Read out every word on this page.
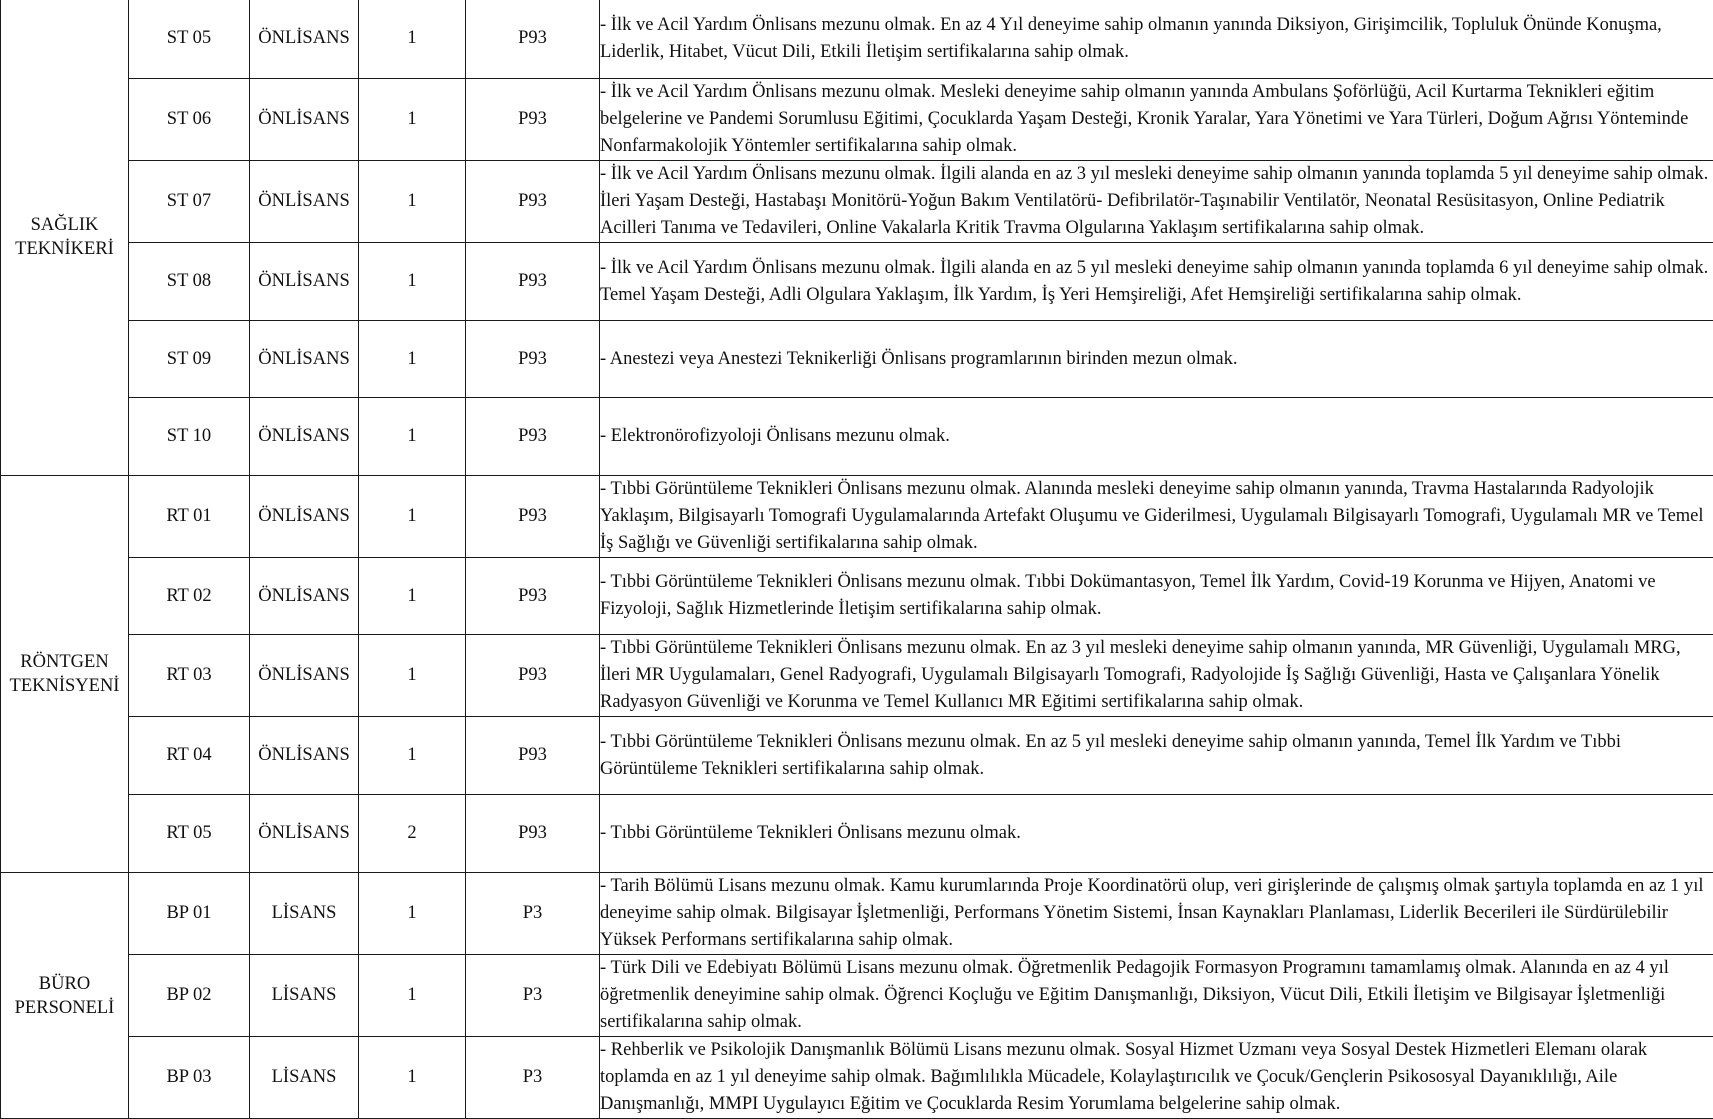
SAĞLIK
TEKNİKERİ	ST 05	ÖNLİSANS	1	P93	- İlk ve Acil Yardım Önlisans mezunu olmak. En az 4 Yıl deneyime sahip olmanın yanında Diksiyon, Girişimcilik, Topluluk Önünde Konuşma, Liderlik, Hitabet, Vücut Dili, Etkili İletişim sertifikalarına sahip olmak.
	ST 06	ÖNLİSANS	1	P93	- İlk ve Acil Yardım Önlisans mezunu olmak. Mesleki deneyime sahip olmanın yanında Ambulans Şoförlüğü, Acil Kurtarma Teknikleri eğitim belgelerine ve Pandemi Sorumlusu Eğitimi, Çocuklarda Yaşam Desteği, Kronik Yaralar, Yara Yönetimi ve Yara Türleri, Doğum Ağrısı Yönteminde Nonfarmakolojik Yöntemler sertifikalarına sahip olmak.
	ST 07	ÖNLİSANS	1	P93	- İlk ve Acil Yardım Önlisans mezunu olmak. İlgili alanda en az 3 yıl mesleki deneyime sahip olmanın yanında toplamda 5 yıl deneyime sahip olmak. İleri Yaşam Desteği, Hastabaşı Monitörü-Yoğun Bakım Ventilatörü- Defibrilatör-Taşınabilir Ventilatör, Neonatal Resüsitasyon, Online Pediatrik Acilleri Tanıma ve Tedavileri, Online Vakalarla Kritik Travma Olgularına Yaklaşım sertifikalarına sahip olmak.
	ST 08	ÖNLİSANS	1	P93	- İlk ve Acil Yardım Önlisans mezunu olmak. İlgili alanda en az 5 yıl mesleki deneyime sahip olmanın yanında toplamda 6 yıl deneyime sahip olmak. Temel Yaşam Desteği, Adli Olgulara Yaklaşım, İlk Yardım, İş Yeri Hemşireliği, Afet Hemşireliği sertifikalarına sahip olmak.
	ST 09	ÖNLİSANS	1	P93	- Anestezi veya Anestezi Teknikerliği Önlisans programlarının birinden mezun olmak.
	ST 10	ÖNLİSANS	1	P93	- Elektronörofizyoloji Önlisans mezunu olmak.

RÖNTGEN
TEKNİSYENİ	RT 01	ÖNLİSANS	1	P93	- Tıbbi Görüntüleme Teknikleri Önlisans mezunu olmak. Alanında mesleki deneyime sahip olmanın yanında, Travma Hastalarında Radyolojik Yaklaşım, Bilgisayarlı Tomografi Uygulamalarında Artefakt Oluşumu ve Giderilmesi, Uygulamalı Bilgisayarlı Tomografi, Uygulamalı MR ve Temel İş Sağlığı ve Güvenliği sertifikalarına sahip olmak.
	RT 02	ÖNLİSANS	1	P93	- Tıbbi Görüntüleme Teknikleri Önlisans mezunu olmak. Tıbbi Dokümantasyon, Temel İlk Yardım, Covid-19 Korunma ve Hijyen, Anatomi ve Fizyoloji, Sağlık Hizmetlerinde İletişim sertifikalarına sahip olmak.
	RT 03	ÖNLİSANS	1	P93	- Tıbbi Görüntüleme Teknikleri Önlisans mezunu olmak. En az 3 yıl mesleki deneyime sahip olmanın yanında, MR Güvenliği, Uygulamalı MRG, İleri MR Uygulamaları, Genel Radyografi, Uygulamalı Bilgisayarlı Tomografi, Radyolojide İş Sağlığı Güvenliği, Hasta ve Çalışanlara Yönelik Radyasyon Güvenliği ve Korunma ve Temel Kullanıcı MR Eğitimi sertifikalarına sahip olmak.
	RT 04	ÖNLİSANS	1	P93	- Tıbbi Görüntüleme Teknikleri Önlisans mezunu olmak. En az 5 yıl mesleki deneyime sahip olmanın yanında, Temel İlk Yardım ve Tıbbi Görüntüleme Teknikleri sertifikalarına sahip olmak.
	RT 05	ÖNLİSANS	2	P93	- Tıbbi Görüntüleme Teknikleri Önlisans mezunu olmak.

BÜRO
PERSONELİ	BP 01	LİSANS	1	P3	- Tarih Bölümü Lisans mezunu olmak. Kamu kurumlarında Proje Koordinatörü olup, veri girişlerinde de çalışmış olmak şartıyla toplamda en az 1 yıl deneyime sahip olmak. Bilgisayar İşletmenliği, Performans Yönetim Sistemi, İnsan Kaynakları Planlaması, Liderlik Becerileri ile Sürdürülebilir Yüksek Performans sertifikalarına sahip olmak.
	BP 02	LİSANS	1	P3	- Türk Dili ve Edebiyatı Bölümü Lisans mezunu olmak. Öğretmenlik Pedagojik Formasyon Programını tamamlamış olmak. Alanında en az 4 yıl öğretmenlik deneyimine sahip olmak. Öğrenci Koçluğu ve Eğitim Danışmanlığı, Diksiyon, Vücut Dili, Etkili İletişim ve Bilgisayar İşletmenliği sertifikalarına sahip olmak.
	BP 03	LİSANS	1	P3	- Rehberlik ve Psikolojik Danışmanlık Bölümü Lisans mezunu olmak. Sosyal Hizmet Uzmanı veya Sosyal Destek Hizmetleri Elemanı olarak toplamda en az 1 yıl deneyime sahip olmak. Bağımlılıkla Mücadele, Kolaylaştırıcılık ve Çocuk/Gençlerin Psikososyal Dayanıklılığı, Aile Danışmanlığı, MMPI Uygulayıcı Eğitim ve Çocuklarda Resim Yorumlama belgelerine sahip olmak.
